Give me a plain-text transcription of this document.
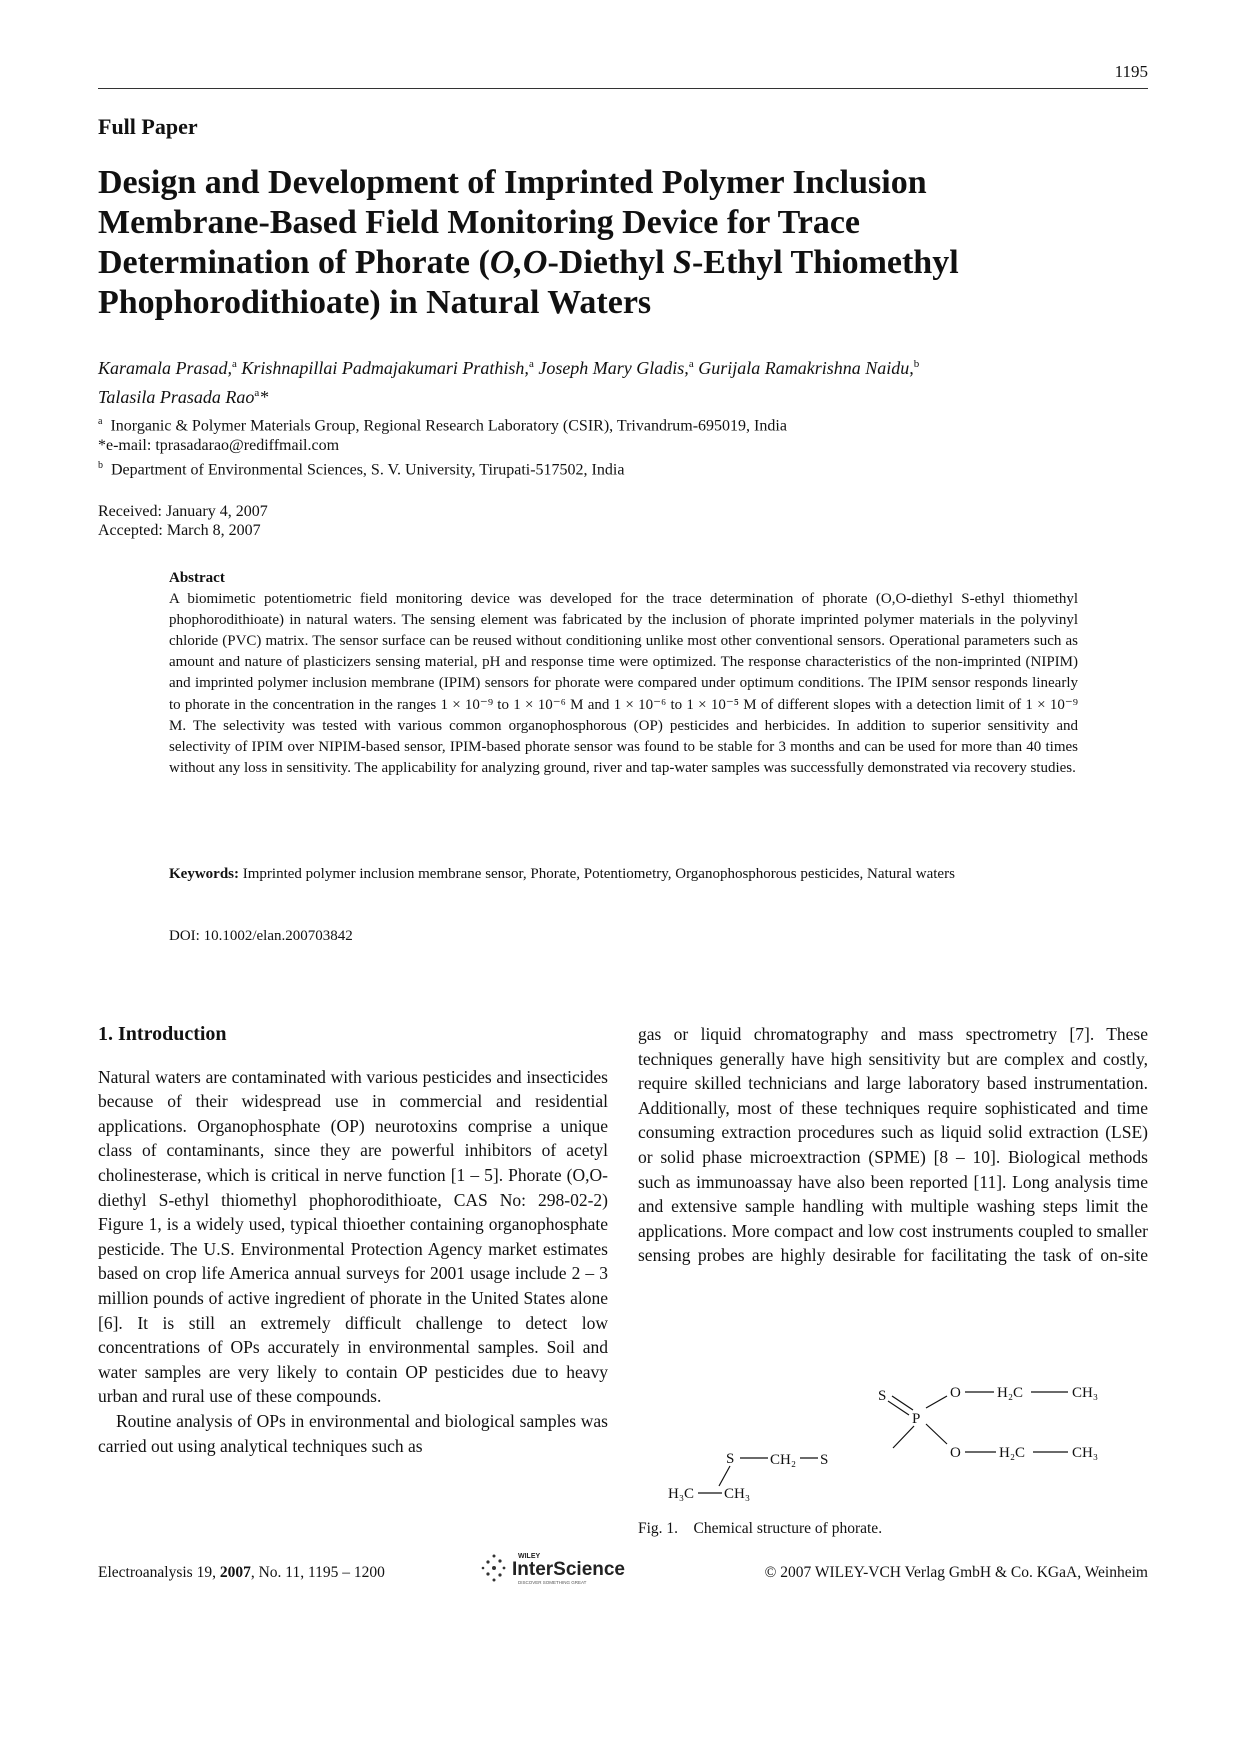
1195
Full Paper
Design and Development of Imprinted Polymer Inclusion
Membrane-Based Field Monitoring Device for Trace
Determination of Phorate (O,O-Diethyl S-Ethyl Thiomethyl
Phophorodithioate) in Natural Waters
Karamala Prasad,$^a$ Krishnapillai Padmajakumari Prathish,$^a$ Joseph Mary Gladis,$^a$ Gurijala Ramakrishna Naidu,$^b$
Talasila Prasada Rao$^a$*
$^a$ Inorganic & Polymer Materials Group, Regional Research Laboratory (CSIR), Trivandrum-695019, India
*e-mail: tprasadarao@rediffmail.com
$^b$ Department of Environmental Sciences, S. V. University, Tirupati-517502, India
Received: January 4, 2007
Accepted: March 8, 2007
Abstract
A biomimetic potentiometric field monitoring device was developed for the trace determination of phorate (O,O-diethyl S-ethyl thiomethyl phophorodithioate) in natural waters. The sensing element was fabricated by the inclusion of phorate imprinted polymer materials in the polyvinyl chloride (PVC) matrix. The sensor surface can be reused without conditioning unlike most other conventional sensors. Operational parameters such as amount and nature of plasticizers sensing material, pH and response time were optimized. The response characteristics of the non-imprinted (NIPIM) and imprinted polymer inclusion membrane (IPIM) sensors for phorate were compared under optimum conditions. The IPIM sensor responds linearly to phorate in the concentration in the ranges 1 × 10⁻⁹ to 1 × 10⁻⁶ M and 1 × 10⁻⁶ to 1 × 10⁻⁵ M of different slopes with a detection limit of 1 × 10⁻⁹ M. The selectivity was tested with various common organophosphorous (OP) pesticides and herbicides. In addition to superior sensitivity and selectivity of IPIM over NIPIM-based sensor, IPIM-based phorate sensor was found to be stable for 3 months and can be used for more than 40 times without any loss in sensitivity. The applicability for analyzing ground, river and tap-water samples was successfully demonstrated via recovery studies.
Keywords: Imprinted polymer inclusion membrane sensor, Phorate, Potentiometry, Organophosphorous pesticides, Natural waters
DOI: 10.1002/elan.200703842
1. Introduction

Natural waters are contaminated with various pesticides and insecticides because of their widespread use in commercial and residential applications. Organophosphate (OP) neurotoxins comprise a unique class of contaminants, since they are powerful inhibitors of acetyl cholinesterase, which is critical in nerve function [1 – 5]. Phorate (O,O-diethyl S-ethyl thiomethyl phophorodithioate, CAS No: 298-02-2) Figure 1, is a widely used, typical thioether containing organophosphate pesticide. The U.S. Environmental Protection Agency market estimates based on crop life America annual surveys for 2001 usage include 2 – 3 million pounds of active ingredient of phorate in the United States alone [6]. It is still an extremely difficult challenge to detect low concentrations of OPs accurately in environmental samples. Soil and water samples are very likely to contain OP pesticides due to heavy urban and rural use of these compounds.

Routine analysis of OPs in environmental and biological samples was carried out using analytical techniques such as

gas or liquid chromatography and mass spectrometry [7]. These techniques generally have high sensitivity but are complex and costly, require skilled technicians and large laboratory based instrumentation. Additionally, most of these techniques require sophisticated and time consuming extraction procedures such as liquid solid extraction (LSE) or solid phase microextraction (SPME) [8 – 10]. Biological methods such as immunoassay have also been reported [11]. Long analysis time and extensive sample handling with multiple washing steps limit the applications. More compact and low cost instruments coupled to smaller sensing probes are highly desirable for facilitating the task of on-site

S
P
O H₂C	CH₃
S CH₂ S	O	H₂C	CH₃
H₃C CH₃
Fig. 1.    Chemical structure of phorate.
Electroanalysis 19, 2007, No. 11, 1195 – 1200
WILEY
InterScience
DISCOVER SOMETHING GREAT
© 2007 WILEY-VCH Verlag GmbH & Co. KGaA, Weinheim
